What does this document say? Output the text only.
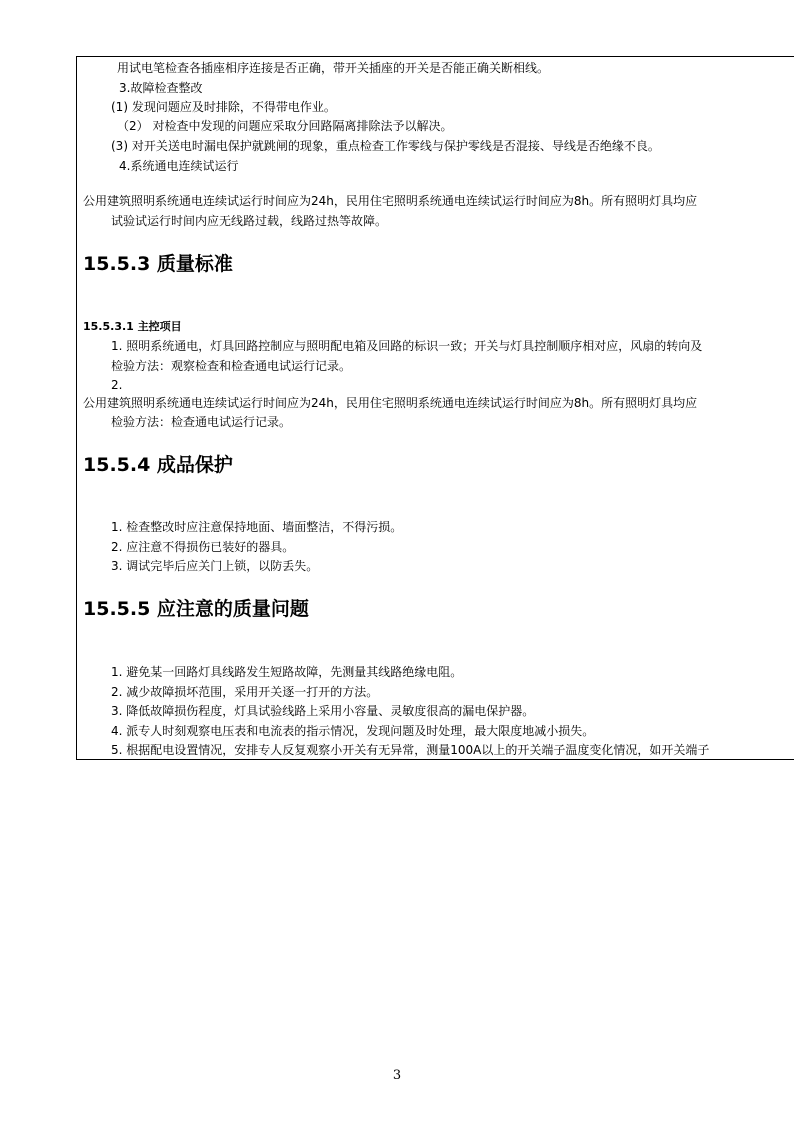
用试电笔检查各插座相序连接是否正确，带开关插座的开关是否能正确关断相线。
3.故障检查整改
(1) 发现问题应及时排除，不得带电作业。
（2） 对检查中发现的问题应采取分回路隔离排除法予以解决。
(3) 对开关送电时漏电保护就跳闸的现象，重点检查工作零线与保护零线是否混接、导线是否绝缘不良。
4.系统通电连续试运行
公用建筑照明系统通电连续试运行时间应为24h，民用住宅照明系统通电连续试运行时间应为8h。所有照明灯具均应
试验试运行时间内应无线路过载，线路过热等故障。
15.5.3 质量标准
15.5.3.1 主控项目
1. 照明系统通电，灯具回路控制应与照明配电箱及回路的标识一致；开关与灯具控制顺序相对应，风扇的转向及
检验方法：观察检查和检查通电试运行记录。
2.
公用建筑照明系统通电连续试运行时间应为24h，民用住宅照明系统通电连续试运行时间应为8h。所有照明灯具均应
检验方法：检查通电试运行记录。
15.5.4 成品保护
1. 检查整改时应注意保持地面、墙面整洁，不得污损。
2. 应注意不得损伤已装好的器具。
3. 调试完毕后应关门上锁，以防丢失。
15.5.5 应注意的质量问题
1. 避免某一回路灯具线路发生短路故障，先测量其线路绝缘电阻。
2. 减少故障损坏范围，采用开关逐一打开的方法。
3. 降低故障损伤程度，灯具试验线路上采用小容量、灵敏度很高的漏电保护器。
4. 派专人时刻观察电压表和电流表的指示情况，发现问题及时处理，最大限度地减小损失。
5. 根据配电设置情况，安排专人反复观察小开关有无异常，测量100A以上的开关端子温度变化情况，如开关端子
3
